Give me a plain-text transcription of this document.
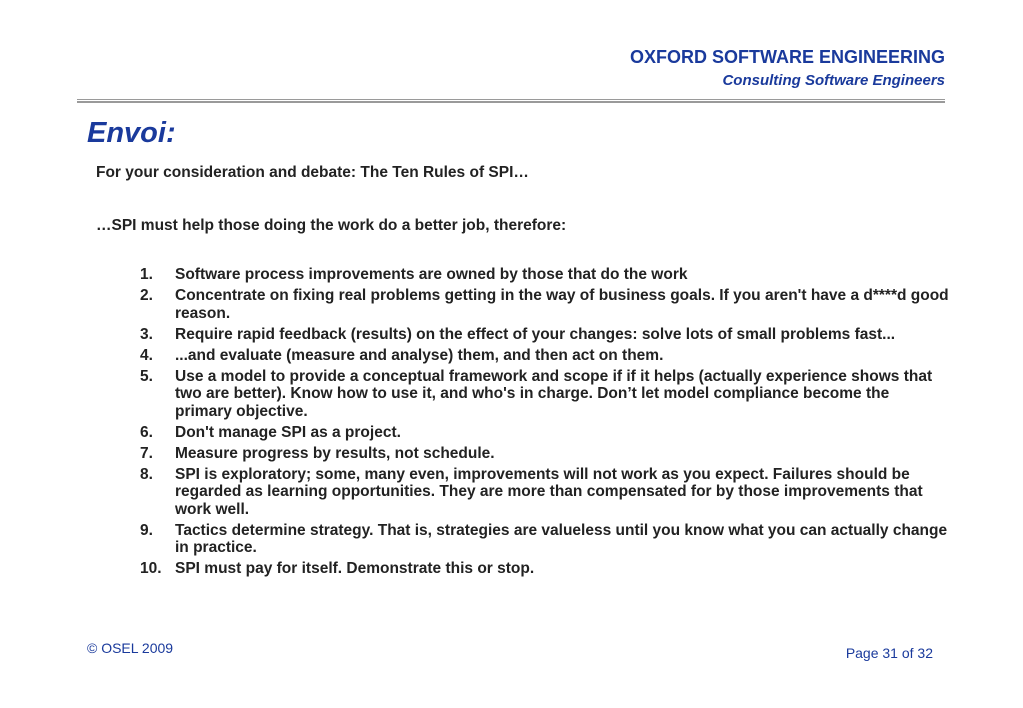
OXFORD SOFTWARE ENGINEERING
Consulting Software Engineers
Envoi:
For your consideration and debate: The Ten Rules of SPI…
…SPI must help those doing the work do a better job, therefore:
1.	Software process improvements are owned by those that do the work
2.	Concentrate on fixing real problems getting in the way of business goals. If you aren't have a d****d good reason.
3.	Require rapid feedback (results) on the effect of your changes: solve lots of small problems fast...
4.	...and evaluate (measure and analyse) them, and then act on them.
5.	Use a model to provide a conceptual framework and scope if if it helps (actually experience shows that two are better). Know how to use it, and who's in charge. Don’t let model compliance become the primary objective.
6.	Don't manage SPI as a project.
7.	Measure progress by results, not schedule.
8.	SPI is exploratory; some, many even, improvements will not work as you expect. Failures should be regarded as learning opportunities. They are more than compensated for by those improvements that work well.
9.	Tactics determine strategy. That is, strategies are valueless until you know what you can actually change in practice.
10. SPI must pay for itself. Demonstrate this or stop.
© OSEL 2009	Page 31 of 32
